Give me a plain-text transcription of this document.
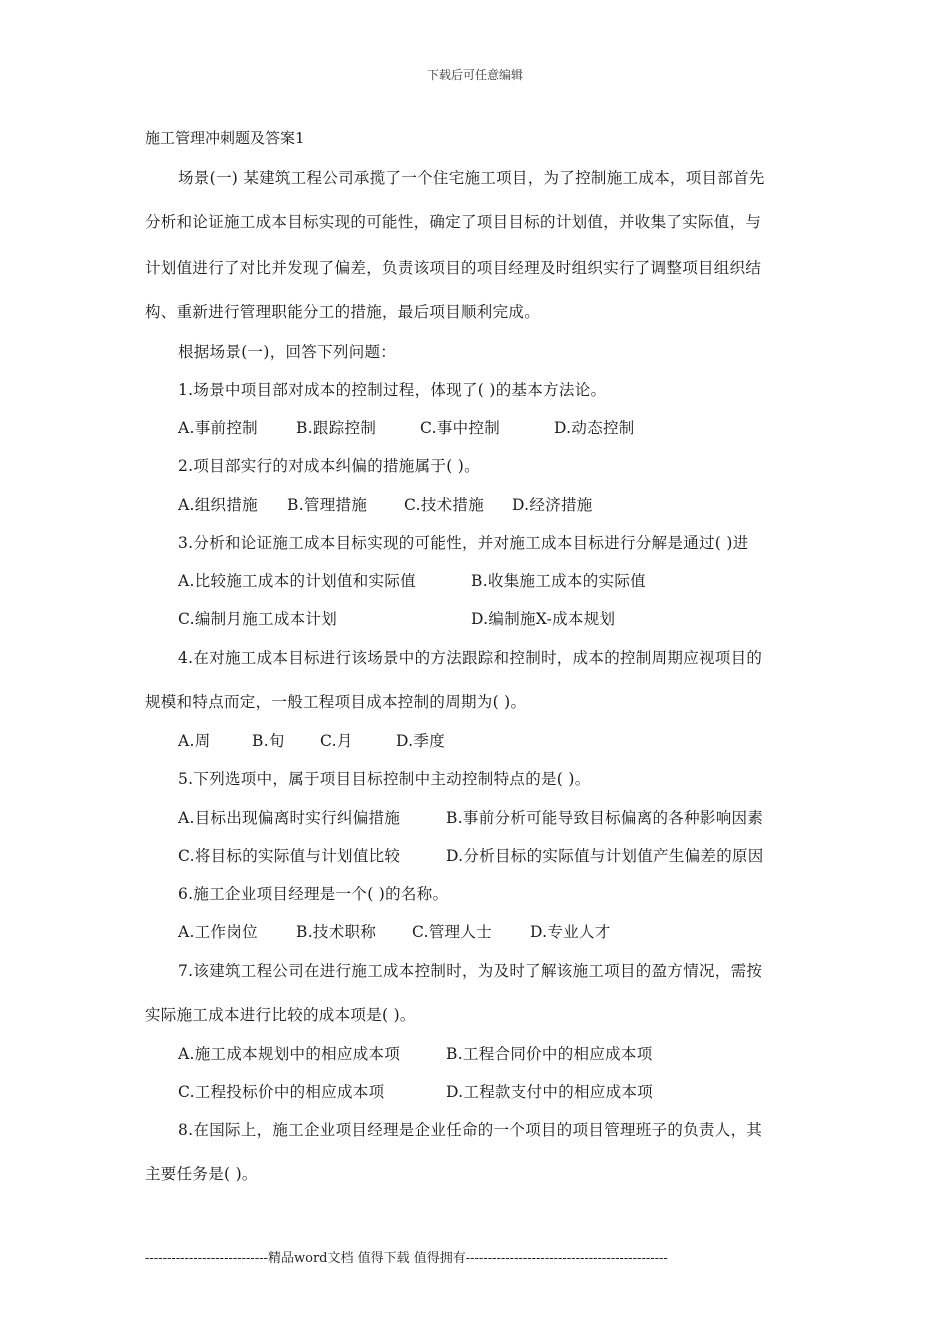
下载后可任意编辑
施工管理冲刺题及答案1
场景(一) 某建筑工程公司承揽了一个住宅施工项目，为了控制施工成本，项目部首先
分析和论证施工成本目标实现的可能性，确定了项目目标的计划值，并收集了实际值，与
计划值进行了对比并发现了偏差，负责该项目的项目经理及时组织实行了调整项目组织结
构、重新进行管理职能分工的措施，最后项目顺利完成。
根据场景(一)，回答下列问题：
1.场景中项目部对成本的控制过程，体现了( )的基本方法论。
A.事前控制 B.跟踪控制	C.事中控制	D.动态控制
2.项目部实行的对成本纠偏的措施属于( )。
A.组织措施 B.管理措施 C.技术措施 D.经济措施
3.分析和论证施工成本目标实现的可能性，并对施工成本目标进行分解是通过( )进
A.比较施工成本的计划值和实际值	B.收集施工成本的实际值
C.编制月施工成本计划	D.编制施X-成本规划
4.在对施工成本目标进行该场景中的方法跟踪和控制时，成本的控制周期应视项目的
规模和特点而定，一般工程项目成本控制的周期为( )。
A.周	B.旬 C.月	D.季度
5.下列选项中，属于项目目标控制中主动控制特点的是( )。
A.目标出现偏离时实行纠偏措施	B.事前分析可能导致目标偏离的各种影响因素
C.将目标的实际值与计划值比较	D.分析目标的实际值与计划值产生偏差的原因
6.施工企业项目经理是一个( )的名称。
A.工作岗位 B.技术职称 C.管理人士 D.专业人才
7.该建筑工程公司在进行施工成本控制时，为及时了解该施工项目的盈方情况，需按
实际施工成本进行比较的成本项是( )。
A.施工成本规划中的相应成本项	B.工程合同价中的相应成本项
C.工程投标价中的相应成本项	D.工程款支付中的相应成本项
8.在国际上，施工企业项目经理是企业任命的一个项目的项目管理班子的负责人，其
主要任务是( )。
----------------------------精品word文档 值得下载 值得拥有----------------------------------------------
